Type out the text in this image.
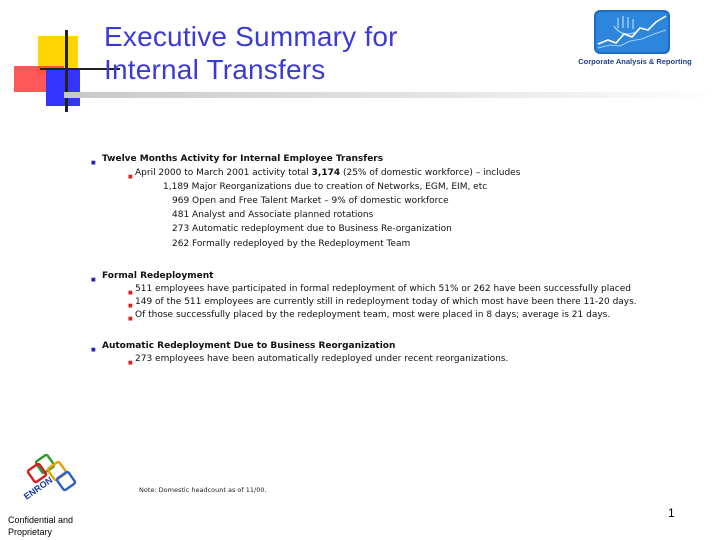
Executive Summary for
Internal Transfers	Corporate Analysis & Reporting
■ Twelve Months Activity for Internal Employee Transfers
■ April 2000 to March 2001 activity total 3,174 (25% of domestic workforce) – includes
1,189 Major Reorganizations due to creation of Networks, EGM, EIM, etc
969 Open and Free Talent Market – 9% of domestic workforce
481 Analyst and Associate planned rotations
273 Automatic redeployment due to Business Re-organization
262 Formally redeployed by the Redeployment Team
■ Formal Redeployment
■ 511 employees have participated in formal redeployment of which 51% or 262 have been successfully placed
■ 149 of the 511 employees are currently still in redeployment today of which most have been there 11-20 days.
■ Of those successfully placed by the redeployment team, most were placed in 8 days; average is 21 days.
■ Automatic Redeployment Due to Business Reorganization
■ 273 employees have been automatically redeployed under recent reorganizations.
Note: Domestic headcount as of 11/00.
1
ENRON
Confidential and
Proprietary
